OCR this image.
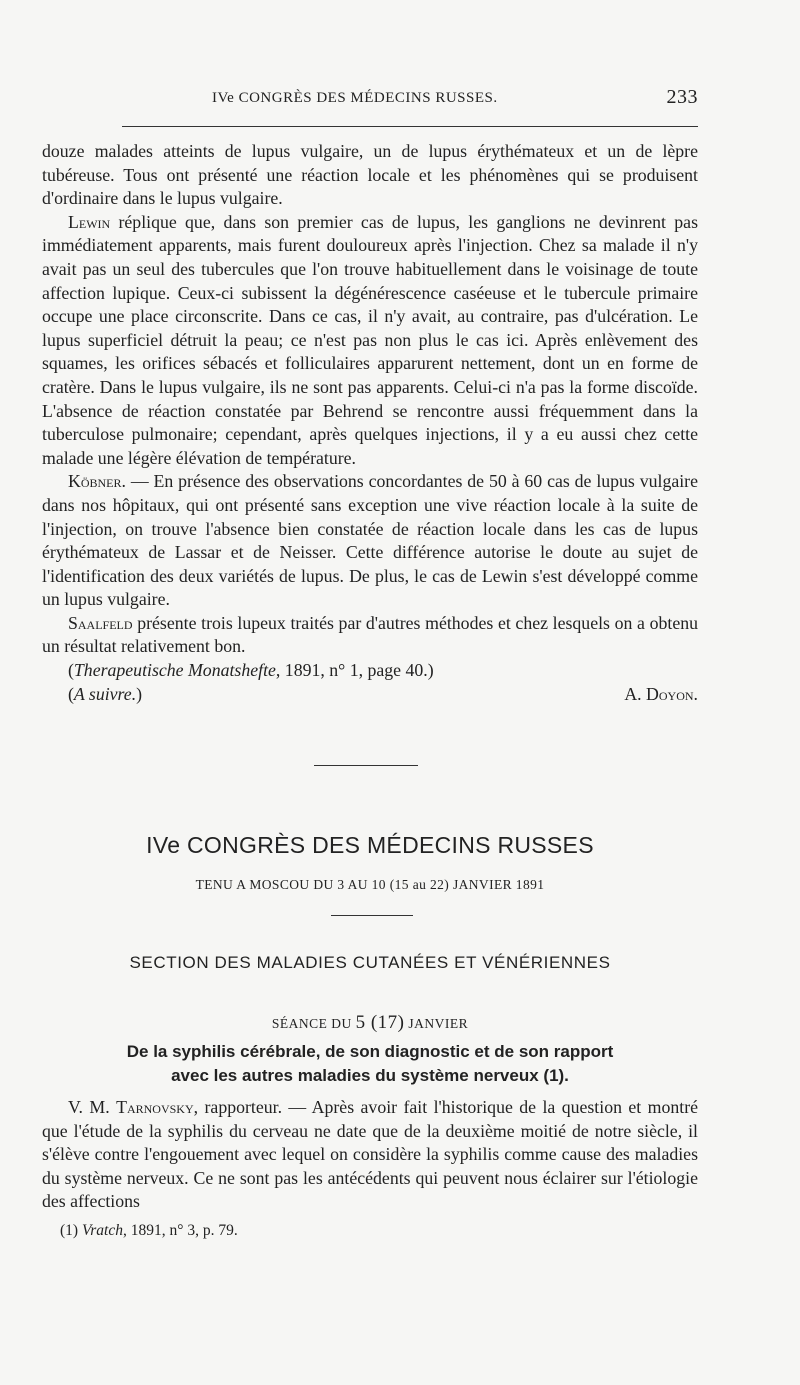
IVe CONGRÈS DES MÉDECINS RUSSES.	233

douze malades atteints de lupus vulgaire, un de lupus érythémateux et un de lèpre tubéreuse. Tous ont présenté une réaction locale et les phénomènes qui se produisent d'ordinaire dans le lupus vulgaire.

Lewin réplique que, dans son premier cas de lupus, les ganglions ne devinrent pas immédiatement apparents, mais furent douloureux après l'injection. Chez sa malade il n'y avait pas un seul des tubercules que l'on trouve habituellement dans le voisinage de toute affection lupique. Ceux-ci subissent la dégénérescence caséeuse et le tubercule primaire occupe une place circonscrite. Dans ce cas, il n'y avait, au contraire, pas d'ulcération. Le lupus superficiel détruit la peau; ce n'est pas non plus le cas ici. Après enlèvement des squames, les orifices sébacés et folliculaires apparurent nettement, dont un en forme de cratère. Dans le lupus vulgaire, ils ne sont pas apparents. Celui-ci n'a pas la forme discoïde. L'absence de réaction constatée par Behrend se rencontre aussi fréquemment dans la tuberculose pulmonaire; cependant, après quelques injections, il y a eu aussi chez cette malade une légère élévation de température.

Köbner. — En présence des observations concordantes de 50 à 60 cas de lupus vulgaire dans nos hôpitaux, qui ont présenté sans exception une vive réaction locale à la suite de l'injection, on trouve l'absence bien constatée de réaction locale dans les cas de lupus érythémateux de Lassar et de Neisser. Cette différence autorise le doute au sujet de l'identification des deux variétés de lupus. De plus, le cas de Lewin s'est développé comme un lupus vulgaire.

Saalfeld présente trois lupeux traités par d'autres méthodes et chez lesquels on a obtenu un résultat relativement bon.

(Therapeutische Monatshefte, 1891, n° 1, page 40.)

(A suivre.)	A. Doyon.
IVe CONGRÈS DES MÉDECINS RUSSES
TENU A MOSCOU DU 3 AU 10 (15 au 22) JANVIER 1891
SECTION DES MALADIES CUTANÉES ET VÉNÉRIENNES
SÉANCE DU 5 (17) JANVIER
De la syphilis cérébrale, de son diagnostic et de son rapport
avec les autres maladies du système nerveux (1).

V. M. Tarnovsky, rapporteur. — Après avoir fait l'historique de la question et montré que l'étude de la syphilis du cerveau ne date que de la deuxième moitié de notre siècle, il s'élève contre l'engouement avec lequel on considère la syphilis comme cause des maladies du système nerveux. Ce ne sont pas les antécédents qui peuvent nous éclairer sur l'étiologie des affections

(1) Vratch, 1891, n° 3, p. 79.
